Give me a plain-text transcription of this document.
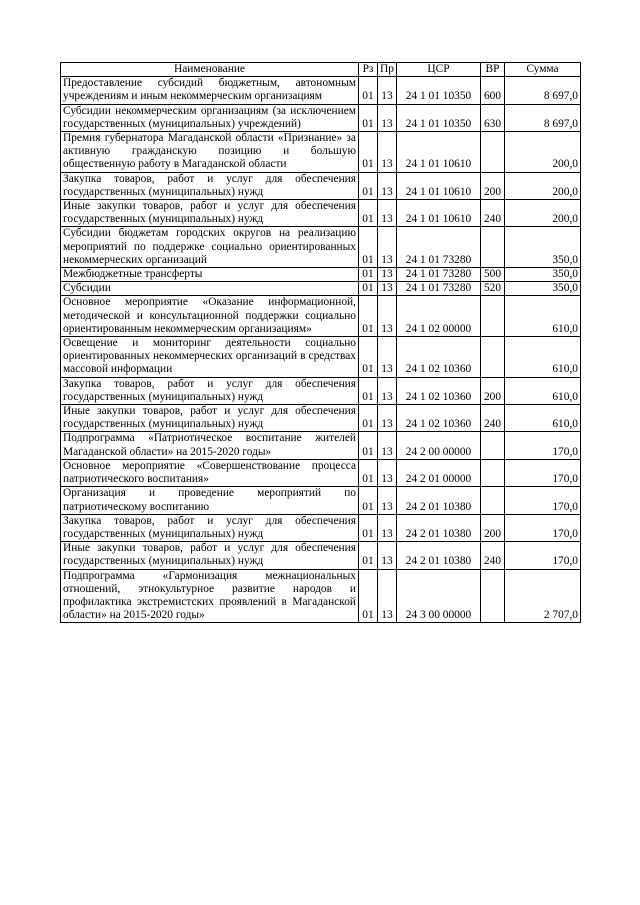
Наименование	Рз	Пр	ЦСР	ВР	Сумма
Предоставление субсидий бюджетным, автономным учреждениям и иным некоммерческим организациям	01	13	24 1 01 10350	600	8 697,0
Субсидии некоммерческим организациям (за исключением государственных (муниципальных) учреждений)	01	13	24 1 01 10350	630	8 697,0
Премия губернатора Магаданской области «Признание» за активную гражданскую позицию и большую общественную работу в Магаданской области	01	13	24 1 01 10610		200,0
Закупка товаров, работ и услуг для обеспечения государственных (муниципальных) нужд	01	13	24 1 01 10610	200	200,0
Иные закупки товаров, работ и услуг для обеспечения государственных (муниципальных) нужд	01	13	24 1 01 10610	240	200,0
Субсидии бюджетам городских округов на реализацию мероприятий по поддержке социально ориентированных некоммерческих организаций	01	13	24 1 01 73280		350,0
Межбюджетные трансферты	01	13	24 1 01 73280	500	350,0
Субсидии	01	13	24 1 01 73280	520	350,0
Основное мероприятие «Оказание информационной, методической и консультационной поддержки социально ориентированным некоммерческим организациям»	01	13	24 1 02 00000		610,0
Освещение и мониторинг деятельности социально ориентированных некоммерческих организаций в средствах массовой информации	01	13	24 1 02 10360		610,0
Закупка товаров, работ и услуг для обеспечения государственных (муниципальных) нужд	01	13	24 1 02 10360	200	610,0
Иные закупки товаров, работ и услуг для обеспечения государственных (муниципальных) нужд	01	13	24 1 02 10360	240	610,0
Подпрограмма «Патриотическое воспитание жителей Магаданской области» на 2015-2020 годы»	01	13	24 2 00 00000		170,0
Основное мероприятие «Совершенствование процесса патриотического воспитания»	01	13	24 2 01 00000		170,0
Организация и проведение мероприятий по патриотическому воспитанию	01	13	24 2 01 10380		170,0
Закупка товаров, работ и услуг для обеспечения государственных (муниципальных) нужд	01	13	24 2 01 10380	200	170,0
Иные закупки товаров, работ и услуг для обеспечения государственных (муниципальных) нужд	01	13	24 2 01 10380	240	170,0
Подпрограмма «Гармонизация межнациональных отношений, этнокультурное развитие народов и профилактика экстремистских проявлений в Магаданской области» на 2015-2020 годы»	01	13	24 3 00 00000		2 707,0
